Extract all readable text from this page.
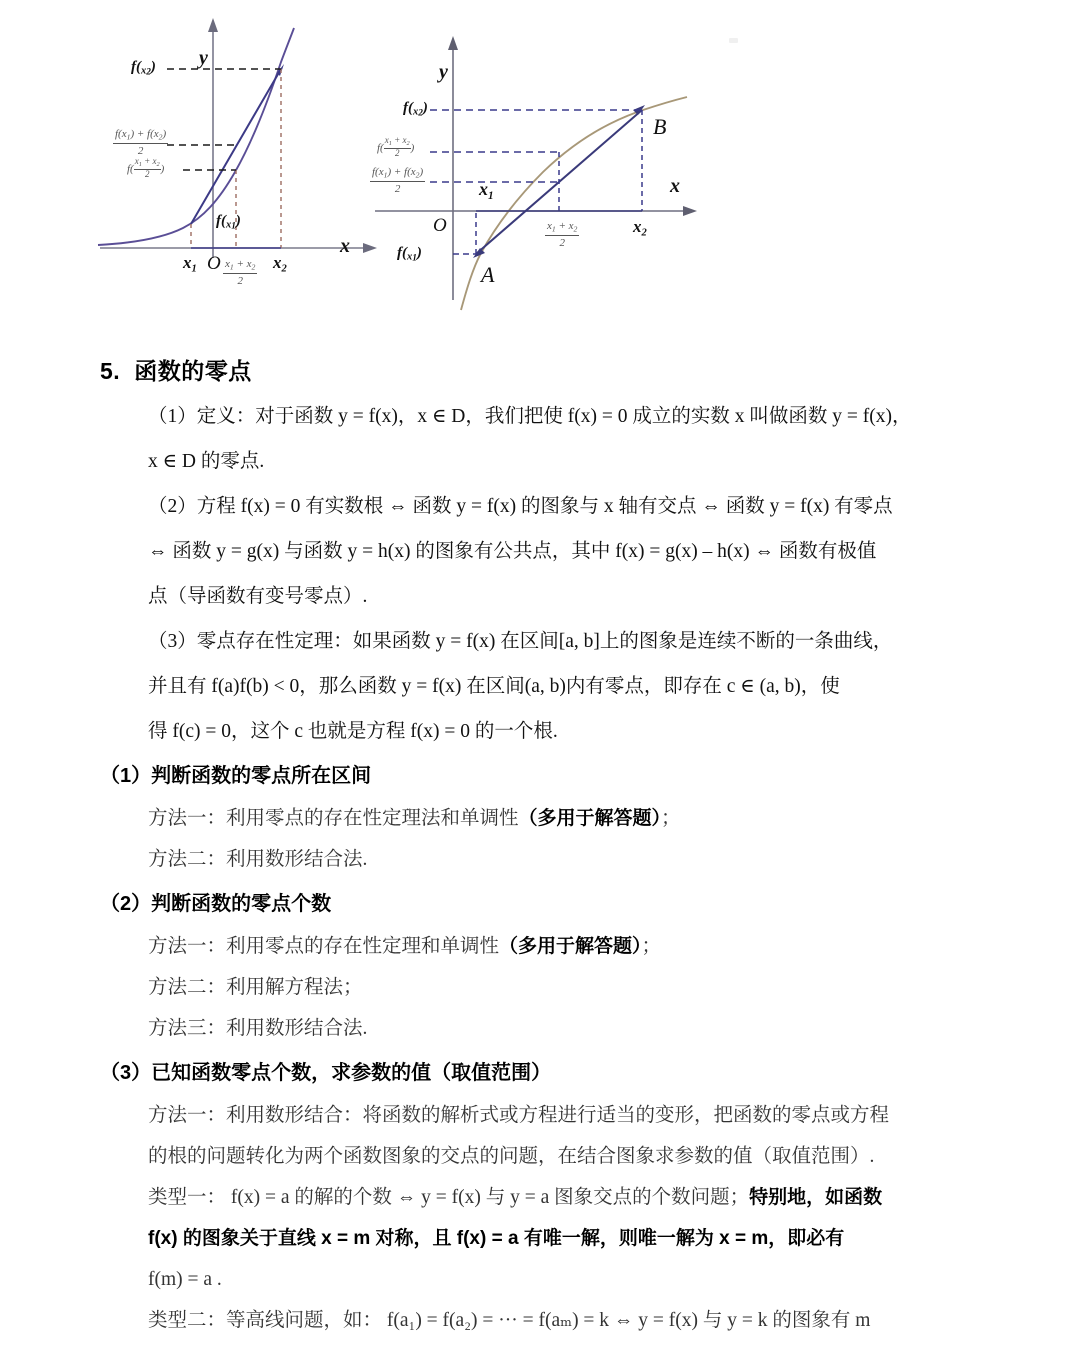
y
x
$f(_{x2})$
$f(_{x1})$
$\frac{f(x_1) + f(x_2)}{2}$
$f( \frac{x_1 + x_2}{2}$ )
$x_1$ O $\frac{x_1 + x_2}{2} x_2$
y
x
$f(_{x2})$
$f( \frac{x_1 + x_2}{2}$ )
$\frac{f(x_1) + f(x_2)}{2}$	$x_1$
O
$f(_{x1})$
$\frac{x_1 + x_2}{2}$	$x_2$
B
A
5. 函数的零点

（1）定义：对于函数 y = f(x)，x ∈ D，我们把使 f(x) = 0 成立的实数 x 叫做函数 y = f(x)，

x ∈ D 的零点.

（2）方程 f(x) = 0 有实数根 ⇔ 函数 y = f(x) 的图象与 x 轴有交点 ⇔ 函数 y = f(x) 有零点

⇔ 函数 y = g(x) 与函数 y = h(x) 的图象有公共点，其中 f(x) = g(x) – h(x) ⇔ 函数有极值

点（导函数有变号零点）.

（3）零点存在性定理：如果函数 y = f(x) 在区间[a, b]上的图象是连续不断的一条曲线，

并且有 f(a)f(b) < 0，那么函数 y = f(x) 在区间(a, b)内有零点，即存在 c ∈ (a, b)，使

得 f(c) = 0，这个 c 也就是方程 f(x) = 0 的一个根.

（1）判断函数的零点所在区间

方法一：利用零点的存在性定理法和单调性（多用于解答题）；

方法二：利用数形结合法.

（2）判断函数的零点个数

方法一：利用零点的存在性定理和单调性（多用于解答题）；

方法二：利用解方程法；

方法三：利用数形结合法.

（3）已知函数零点个数，求参数的值（取值范围）

方法一：利用数形结合：将函数的解析式或方程进行适当的变形，把函数的零点或方程

的根的问题转化为两个函数图象的交点的问题，在结合图象求参数的值（取值范围）.

类型一： f(x) = a 的解的个数 ⇔ y = f(x) 与 y = a 图象交点的个数问题；特别地，如函数

f(x) 的图象关于直线 x = m 对称，且 f(x) = a 有唯一解，则唯一解为 x = m，即必有

f(m) = a .

类型二：等高线问题，如： f(a₁) = f(a₂) = ··· = f(aₘ) = k ⇔ y = f(x) 与 y = k 的图象有 m
